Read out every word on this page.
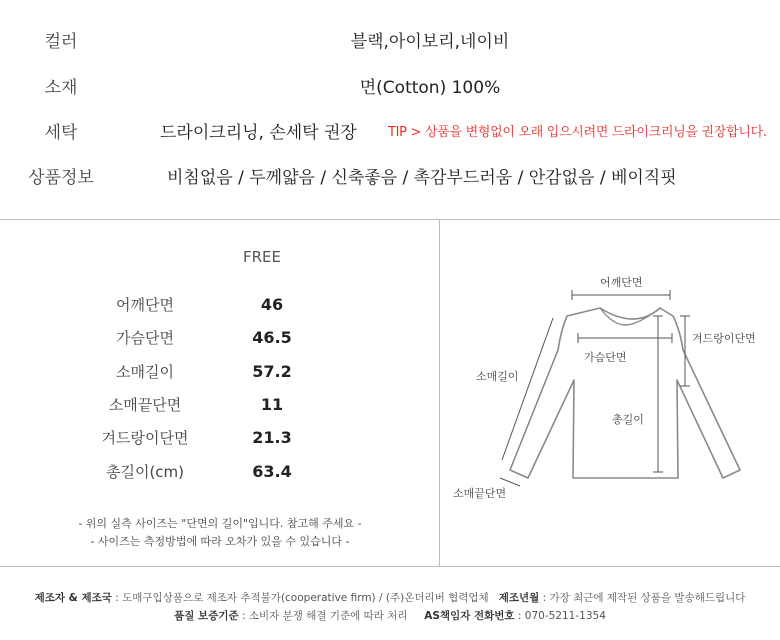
컬러	블랙,아이보리,네이비
소재	면(Cotton) 100%
세탁	드라이크리닝, 손세탁 권장 TIP > 상품을 변형없이 오래 입으시려면 드라이크리닝을 권장합니다.
상품정보	비침없음 / 두께얇음 / 신축좋음 / 촉감부드러움 / 안감없음 / 베이직핏
FREE
어깨단면	46
가슴단면	46.5
소매길이	57.2
소매끝단면	11
겨드랑이단면	21.3
총길이(cm)	63.4
- 위의 실측 사이즈는 "단면의 길이"입니다. 참고해 주세요 -
- 사이즈는 측정방법에 따라 오차가 있을 수 있습니다 -
어깨단면
겨드랑이단면
가슴단면
소매길이
총길이
소매끝단면
제조자 & 제조국 : 도매구입상품으로 제조자 추적불가(cooperative firm) / (주)온더리버 협력업체 제조년월 : 가장 최근에 제작된 상품을 발송해드립니다
품질 보증기준 : 소비자 분쟁 해결 기준에 따라 처리 AS책임자 전화번호 : 070-5211-1354
